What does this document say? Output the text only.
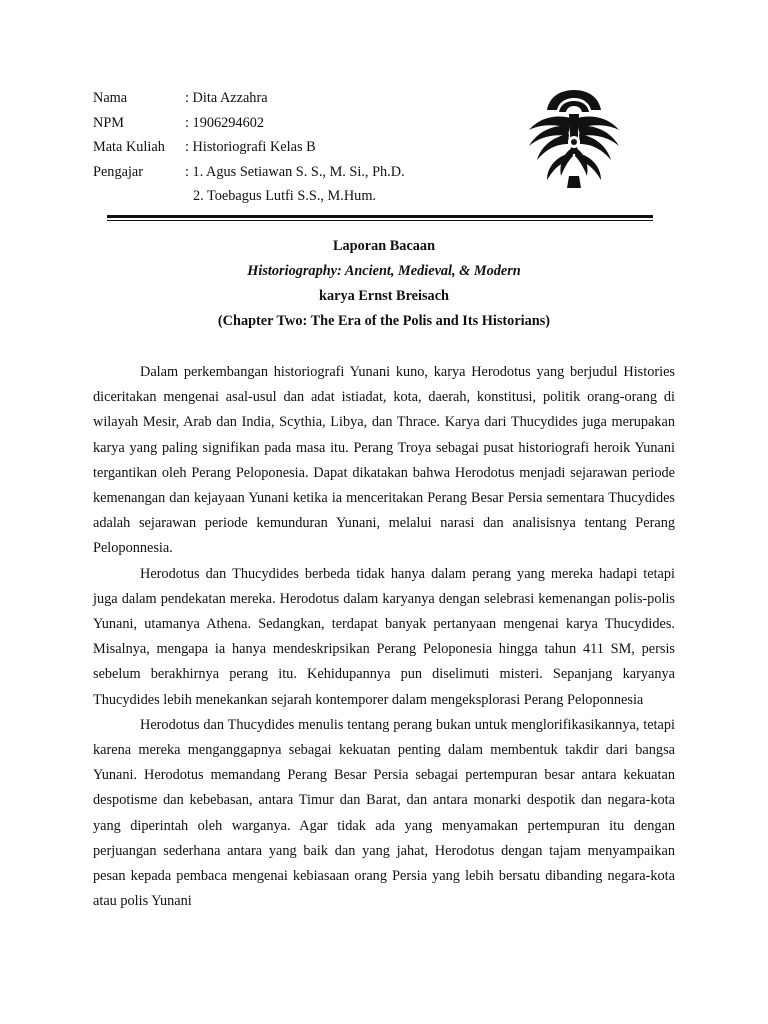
Nama	: Dita Azzahra
NPM	: 1906294602
Mata Kuliah : Historiografi Kelas B
Pengajar	: 1. Agus Setiawan S. S., M. Si., Ph.D.
2. Toebagus Lutfi S.S., M.Hum.
Laporan Bacaan
Historiography: Ancient, Medieval, & Modern
karya Ernst Breisach
(Chapter Two: The Era of the Polis and Its Historians)

Dalam perkembangan historiografi Yunani kuno, karya Herodotus yang berjudul Histories diceritakan mengenai asal-usul dan adat istiadat, kota, daerah, konstitusi, politik orang-orang di wilayah Mesir, Arab dan India, Scythia, Libya, dan Thrace. Karya dari Thucydides juga merupakan karya yang paling signifikan pada masa itu. Perang Troya sebagai pusat historiografi heroik Yunani tergantikan oleh Perang Peloponesia. Dapat dikatakan bahwa Herodotus menjadi sejarawan periode kemenangan dan kejayaan Yunani ketika ia menceritakan Perang Besar Persia sementara Thucydides adalah sejarawan periode kemunduran Yunani, melalui narasi dan analisisnya tentang Perang Peloponnesia.

Herodotus dan Thucydides berbeda tidak hanya dalam perang yang mereka hadapi tetapi juga dalam pendekatan mereka. Herodotus dalam karyanya dengan selebrasi kemenangan polis-polis Yunani, utamanya Athena. Sedangkan, terdapat banyak pertanyaan mengenai karya Thucydides. Misalnya, mengapa ia hanya mendeskripsikan Perang Peloponesia hingga tahun 411 SM, persis sebelum berakhirnya perang itu. Kehidupannya pun diselimuti misteri. Sepanjang karyanya Thucydides lebih menekankan sejarah kontemporer dalam mengeksplorasi Perang Peloponnesia

Herodotus dan Thucydides menulis tentang perang bukan untuk menglorifikasikannya, tetapi karena mereka menganggapnya sebagai kekuatan penting dalam membentuk takdir dari bangsa Yunani. Herodotus memandang Perang Besar Persia sebagai pertempuran besar antara kekuatan despotisme dan kebebasan, antara Timur dan Barat, dan antara monarki despotik dan negara-kota yang diperintah oleh warganya. Agar tidak ada yang menyamakan pertempuran itu dengan perjuangan sederhana antara yang baik dan yang jahat, Herodotus dengan tajam menyampaikan pesan kepada pembaca mengenai kebiasaan orang Persia yang lebih bersatu dibanding negara-kota atau polis Yunani
